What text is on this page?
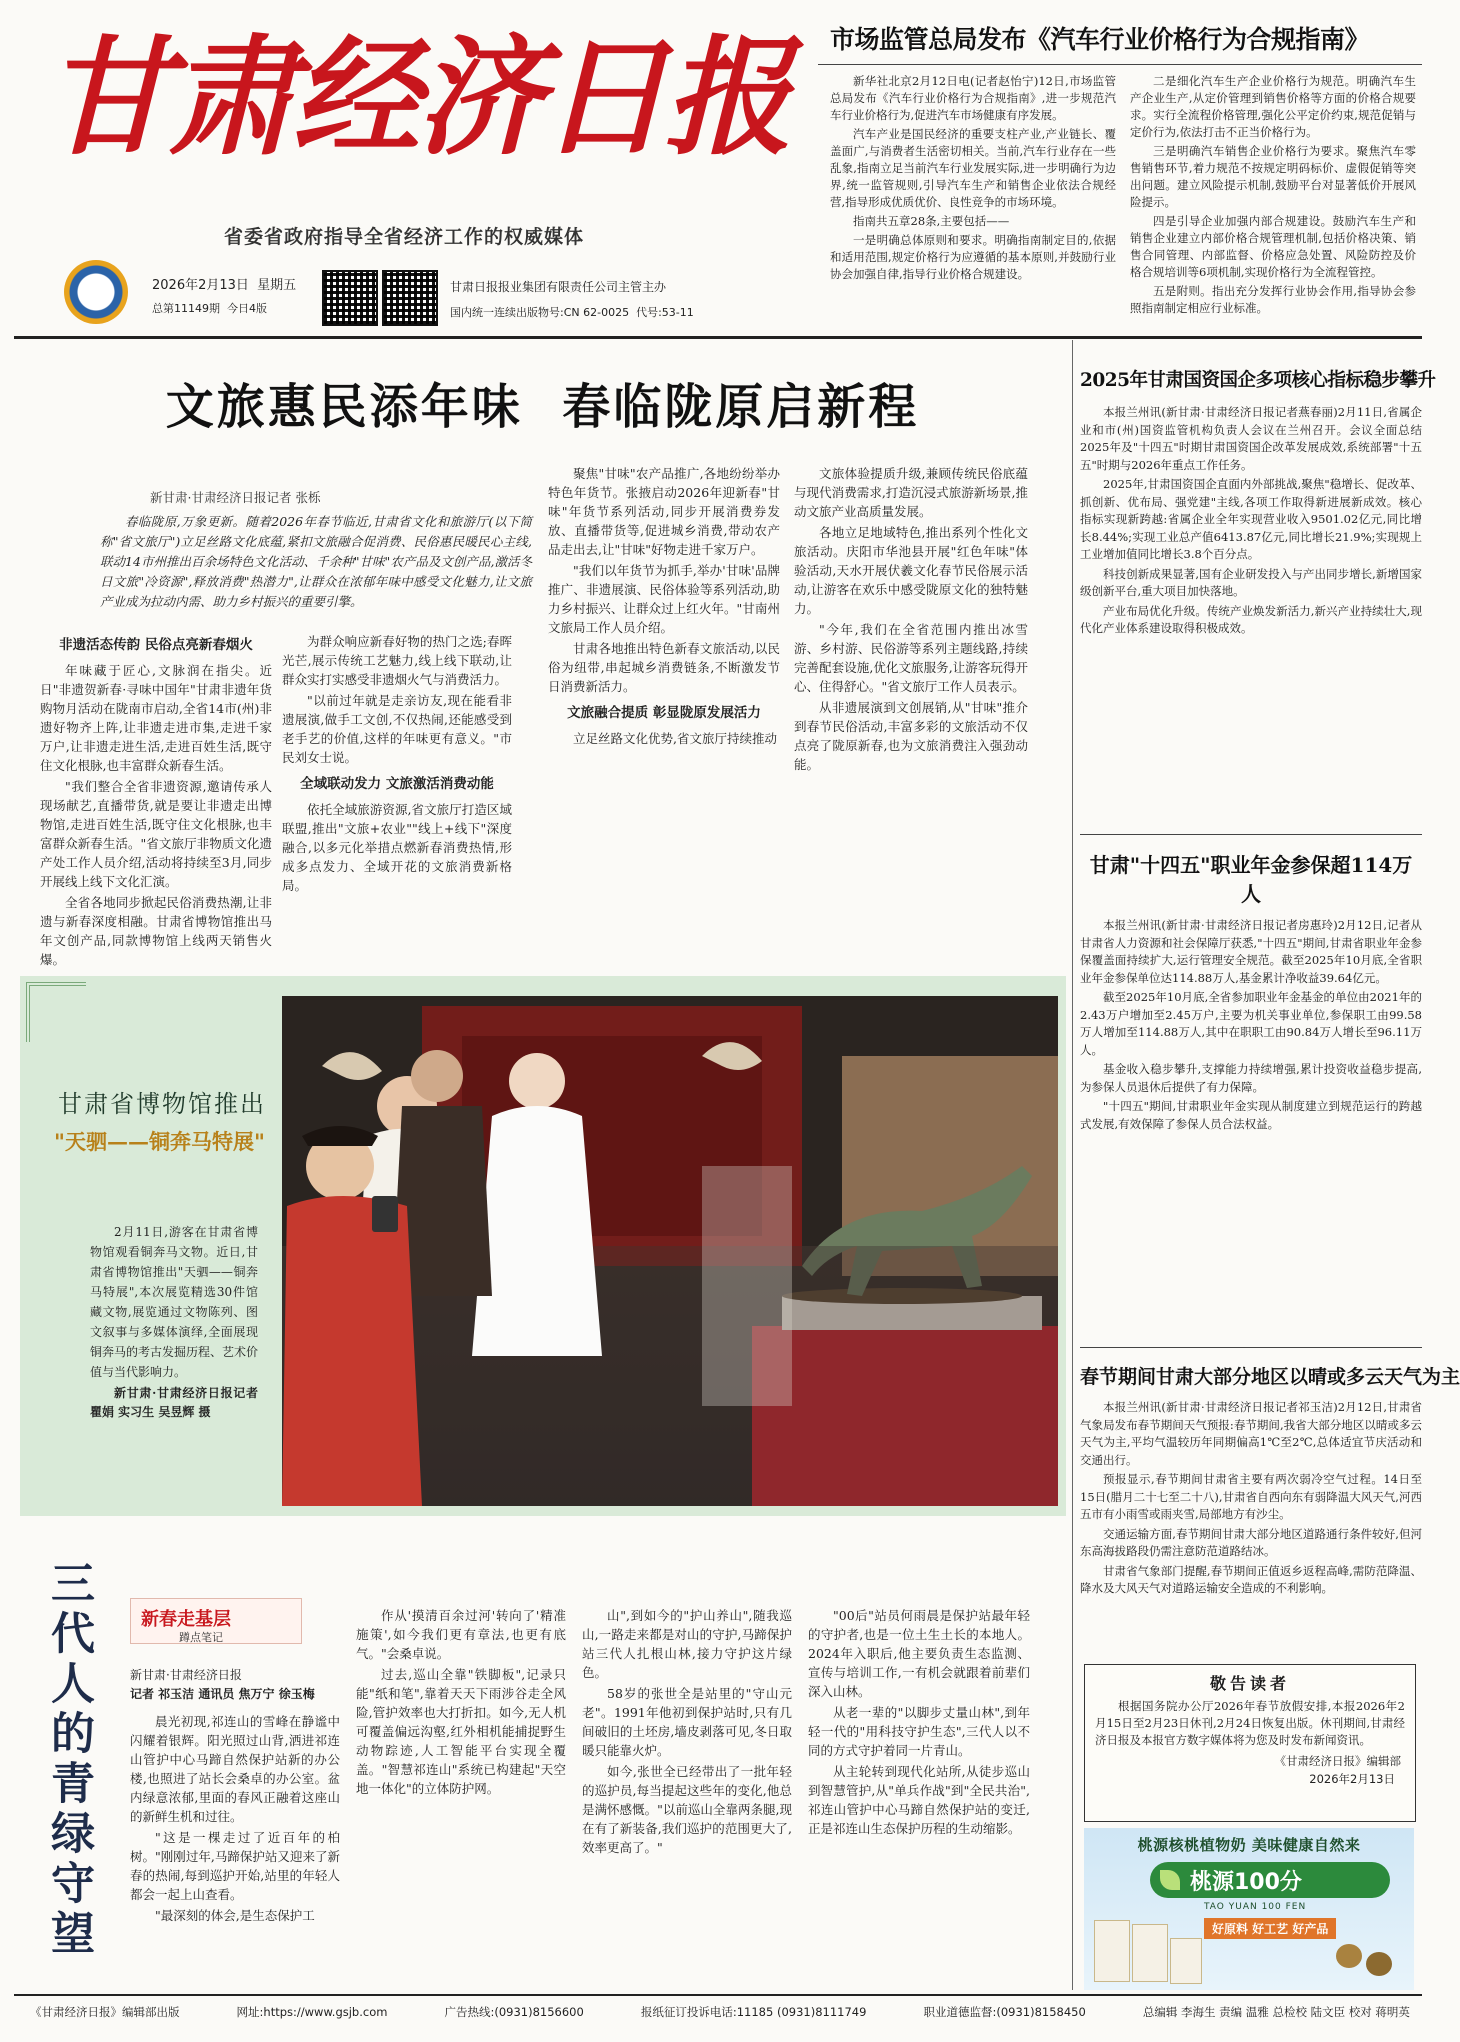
甘肃经济日报
省委省政府指导全省经济工作的权威媒体
2026年2月13日 星期五
总第11149期 今日4版
甘肃日报报业集团有限责任公司主管主办
国内统一连续出版物号:CN 62-0025 代号:53-11
市场监管总局发布《汽车行业价格行为合规指南》

新华社北京2月12日电(记者赵怡宁)12日,市场监管总局发布《汽车行业价格行为合规指南》,进一步规范汽车行业价格行为,促进汽车市场健康有序发展。

汽车产业是国民经济的重要支柱产业,产业链长、覆盖面广,与消费者生活密切相关。当前,汽车行业存在一些乱象,指南立足当前汽车行业发展实际,进一步明确行为边界,统一监管规则,引导汽车生产和销售企业依法合规经营,指导形成优质优价、良性竞争的市场环境。

指南共五章28条,主要包括——

一是明确总体原则和要求。明确指南制定目的,依据和适用范围,规定价格行为应遵循的基本原则,并鼓励行业协会加强自律,指导行业价格合规建设。

二是细化汽车生产企业价格行为规范。明确汽车生产企业生产,从定价管理到销售价格等方面的价格合规要求。实行全流程价格管理,强化公平定价约束,规范促销与定价行为,依法打击不正当价格行为。

三是明确汽车销售企业价格行为要求。聚焦汽车零售销售环节,着力规范不按规定明码标价、虚假促销等突出问题。建立风险提示机制,鼓励平台对显著低价开展风险提示。

四是引导企业加强内部合规建设。鼓励汽车生产和销售企业建立内部价格合规管理机制,包括价格决策、销售合同管理、内部监督、价格应急处置、风险防控及价格合规培训等6项机制,实现价格行为全流程管控。

五是附则。指出充分发挥行业协会作用,指导协会参照指南制定相应行业标准。

文旅惠民添年味  春临陇原启新程
新甘肃·甘肃经济日报记者 张栎
春临陇原,万象更新。随着2026年春节临近,甘肃省文化和旅游厅(以下简称"省文旅厅")立足丝路文化底蕴,紧扣文旅融合促消费、民俗惠民暖民心主线,联动14市州推出百余场特色文化活动、千余种"甘味"农产品及文创产品,激活冬日文旅"冷资源",释放消费"热潜力",让群众在浓郁年味中感受文化魅力,让文旅产业成为拉动内需、助力乡村振兴的重要引擎。
非遗活态传韵 民俗点亮新春烟火

年味藏于匠心,文脉润在指尖。近日"非遗贺新春·寻味中国年"甘肃非遗年货购物月活动在陇南市启动,全省14市(州)非遗好物齐上阵,让非遗走进市集,走进千家万户,让非遗走进生活,走进百姓生活,既守住文化根脉,也丰富群众新春生活。

"我们整合全省非遗资源,邀请传承人现场献艺,直播带货,就是要让非遗走出博物馆,走进百姓生活,既守住文化根脉,也丰富群众新春生活。"省文旅厅非物质文化遗产处工作人员介绍,活动将持续至3月,同步开展线上线下文化汇演。

全省各地同步掀起民俗消费热潮,让非遗与新春深度相融。甘肃省博物馆推出马年文创产品,同款博物馆上线两天销售火爆。

为群众响应新春好物的热门之选;春晖光芒,展示传统工艺魅力,线上线下联动,让群众实打实感受非遗烟火气与消费活力。

"以前过年就是走亲访友,现在能看非遗展演,做手工文创,不仅热闹,还能感受到老手艺的价值,这样的年味更有意义。"市民刘女士说。

全域联动发力 文旅激活消费动能

依托全域旅游资源,省文旅厅打造区域联盟,推出"文旅+农业""线上+线下"深度融合,以多元化举措点燃新春消费热情,形成多点发力、全域开花的文旅消费新格局。

聚焦"甘味"农产品推广,各地纷纷举办特色年货节。张掖启动2026年迎新春"甘味"年货节系列活动,同步开展消费券发放、直播带货等,促进城乡消费,带动农产品走出去,让"甘味"好物走进千家万户。

"我们以年货节为抓手,举办'甘味'品牌推广、非遗展演、民俗体验等系列活动,助力乡村振兴、让群众过上红火年。"甘南州文旅局工作人员介绍。

甘肃各地推出特色新春文旅活动,以民俗为纽带,串起城乡消费链条,不断激发节日消费新活力。

文旅融合提质 彰显陇原发展活力

立足丝路文化优势,省文旅厅持续推动

文旅体验提质升级,兼顾传统民俗底蕴与现代消费需求,打造沉浸式旅游新场景,推动文旅产业高质量发展。

各地立足地域特色,推出系列个性化文旅活动。庆阳市华池县开展"红色年味"体验活动,天水开展伏羲文化春节民俗展示活动,让游客在欢乐中感受陇原文化的独特魅力。

"今年,我们在全省范围内推出冰雪游、乡村游、民俗游等系列主题线路,持续完善配套设施,优化文旅服务,让游客玩得开心、住得舒心。"省文旅厅工作人员表示。

从非遗展演到文创展销,从"甘味"推介到春节民俗活动,丰富多彩的文旅活动不仅点亮了陇原新春,也为文旅消费注入强劲动能。

甘肃省博物馆推出
"天驷——铜奔马特展"
2月11日,游客在甘肃省博物馆观看铜奔马文物。近日,甘肃省博物馆推出"天驷——铜奔马特展",本次展览精选30件馆藏文物,展览通过文物陈列、图文叙事与多媒体演绎,全面展现铜奔马的考古发掘历程、艺术价值与当代影响力。
新甘肃·甘肃经济日报记者 瞿娟 实习生 吴昱辉 摄
三代人的青绿守望	新春走基层
蹲点笔记
新甘肃·甘肃经济日报
记者 祁玉洁 通讯员 焦万宁 徐玉梅

晨光初现,祁连山的雪峰在静谧中闪耀着银辉。阳光照过山背,洒进祁连山管护中心马蹄自然保护站新的办公楼,也照进了站长会桑卓的办公室。盆内绿意浓郁,里面的春风正融着这座山的新鲜生机和过往。

"这是一棵走过了近百年的柏树。"刚刚过年,马蹄保护站又迎来了新春的热闹,每到巡护开始,站里的年轻人都会一起上山查看。

"最深刻的体会,是生态保护工

作从'摸清百余过河'转向了'精准施策',如今我们更有章法,也更有底气。"会桑卓说。

过去,巡山全靠"铁脚板",记录只能"纸和笔",靠着天天下雨涉谷走全风险,管护效率也大打折扣。如今,无人机可覆盖偏远沟壑,红外相机能捕捉野生动物踪迹,人工智能平台实现全覆盖。"智慧祁连山"系统已构建起"天空地一体化"的立体防护网。

山",到如今的"护山养山",随我巡山,一路走来都是对山的守护,马蹄保护站三代人扎根山林,接力守护这片绿色。

58岁的张世全是站里的"守山元老"。1991年他初到保护站时,只有几间破旧的土坯房,墙皮剥落可见,冬日取暖只能靠火炉。

如今,张世全已经带出了一批年轻的巡护员,每当提起这些年的变化,他总是满怀感慨。"以前巡山全靠两条腿,现在有了新装备,我们巡护的范围更大了,效率更高了。"

"00后"站员何雨晨是保护站最年轻的守护者,也是一位土生土长的本地人。2024年入职后,他主要负责生态监测、宣传与培训工作,一有机会就跟着前辈们深入山林。

从老一辈的"以脚步丈量山林",到年轻一代的"用科技守护生态",三代人以不同的方式守护着同一片青山。

从主轮转到现代化站所,从徒步巡山到智慧管护,从"单兵作战"到"全民共治",祁连山管护中心马蹄自然保护站的变迁,正是祁连山生态保护历程的生动缩影。

2025年甘肃国资国企多项核心指标稳步攀升

本报兰州讯(新甘肃·甘肃经济日报记者燕春丽)2月11日,省属企业和市(州)国资监管机构负责人会议在兰州召开。会议全面总结2025年及"十四五"时期甘肃国资国企改革发展成效,系统部署"十五五"时期与2026年重点工作任务。

2025年,甘肃国资国企直面内外部挑战,聚焦"稳增长、促改革、抓创新、优布局、强党建"主线,各项工作取得新进展新成效。核心指标实现新跨越:省属企业全年实现营业收入9501.02亿元,同比增长8.44%;实现工业总产值6413.87亿元,同比增长21.9%;实现规上工业增加值同比增长3.8个百分点。

科技创新成果显著,国有企业研发投入与产出同步增长,新增国家级创新平台,重大项目加快落地。

产业布局优化升级。传统产业焕发新活力,新兴产业持续壮大,现代化产业体系建设取得积极成效。

甘肃"十四五"职业年金参保超114万人

本报兰州讯(新甘肃·甘肃经济日报记者房惠玲)2月12日,记者从甘肃省人力资源和社会保障厅获悉,"十四五"期间,甘肃省职业年金参保覆盖面持续扩大,运行管理安全规范。截至2025年10月底,全省职业年金参保单位达114.88万人,基金累计净收益39.64亿元。

截至2025年10月底,全省参加职业年金基金的单位由2021年的2.43万户增加至2.45万户,主要为机关事业单位,参保职工由99.58万人增加至114.88万人,其中在职职工由90.84万人增长至96.11万人。

基金收入稳步攀升,支撑能力持续增强,累计投资收益稳步提高,为参保人员退休后提供了有力保障。

"十四五"期间,甘肃职业年金实现从制度建立到规范运行的跨越式发展,有效保障了参保人员合法权益。

春节期间甘肃大部分地区以晴或多云天气为主

本报兰州讯(新甘肃·甘肃经济日报记者祁玉洁)2月12日,甘肃省气象局发布春节期间天气预报:春节期间,我省大部分地区以晴或多云天气为主,平均气温较历年同期偏高1℃至2℃,总体适宜节庆活动和交通出行。

预报显示,春节期间甘肃省主要有两次弱冷空气过程。14日至15日(腊月二十七至二十八),甘肃省自西向东有弱降温大风天气,河西五市有小雨雪或雨夹雪,局部地方有沙尘。

交通运输方面,春节期间甘肃大部分地区道路通行条件较好,但河东高海拔路段仍需注意防范道路结冰。

甘肃省气象部门提醒,春节期间正值返乡返程高峰,需防范降温、降水及大风天气对道路运输安全造成的不利影响。

敬告读者
根据国务院办公厅2026年春节放假安排,本报2026年2月15日至2月23日休刊,2月24日恢复出版。休刊期间,甘肃经济日报及本报官方数字媒体将为您及时发布新闻资讯。
《甘肃经济日报》编辑部
2026年2月13日
桃源核桃植物奶 美味健康自然来
桃源100分
TAO YUAN 100 FEN
好原料 好工艺 好产品
《甘肃经济日报》编辑部出版	网址:https://www.gsjb.com	广告热线:(0931)8156600	报纸征订投诉电话:11185 (0931)8111749	职业道德监督:(0931)8158450	总编辑 李海生 责编 温雅 总检校 陆文臣 校对 蒋明英
